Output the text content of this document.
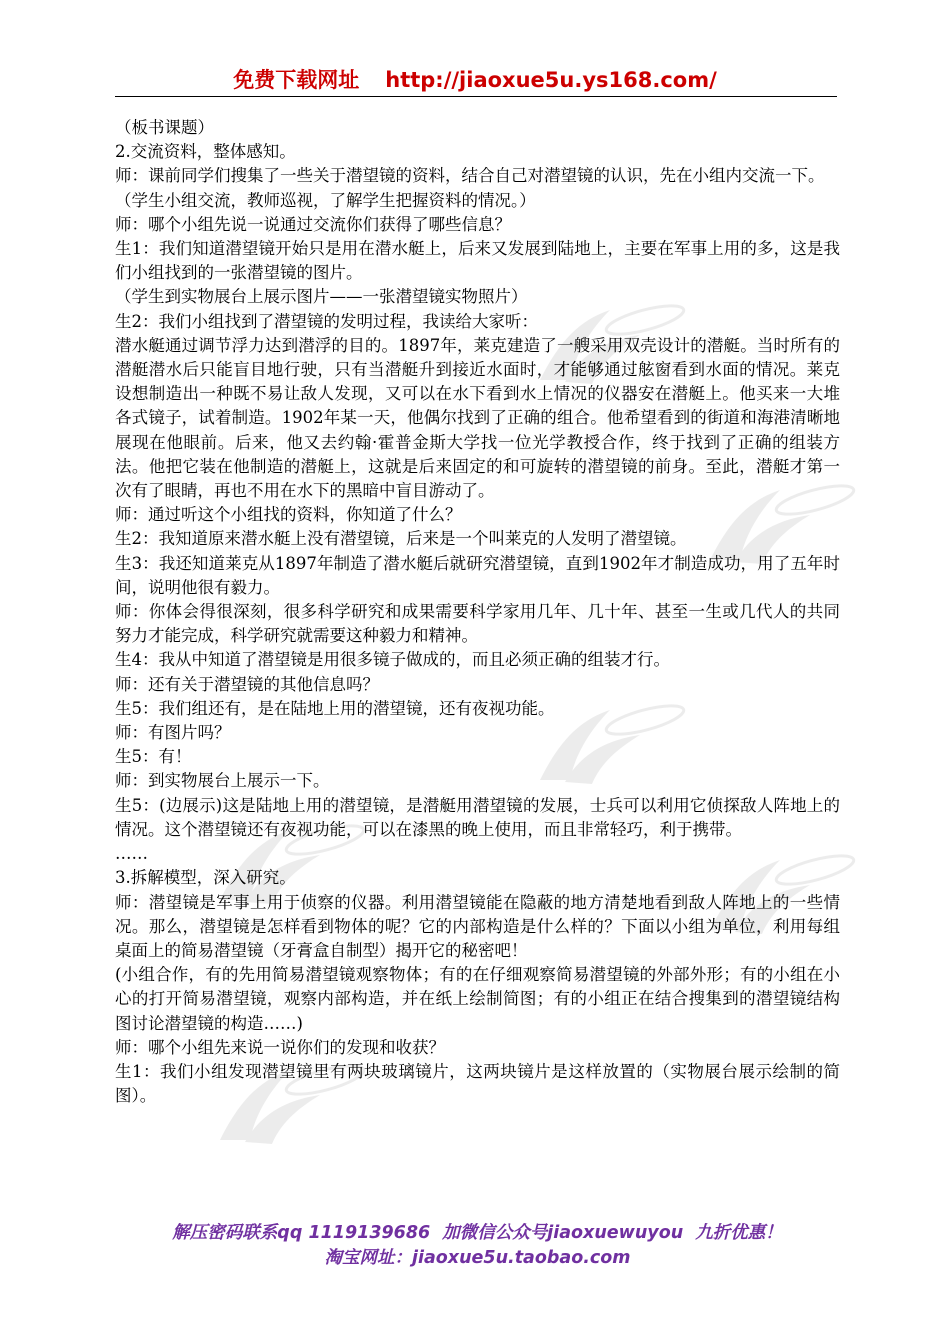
免费下载网址 http://jiaoxue5u.ys168.com/

（板书课题）

2.交流资料，整体感知。

师：课前同学们搜集了一些关于潜望镜的资料，结合自己对潜望镜的认识，先在小组内交流一下。

（学生小组交流，教师巡视，了解学生把握资料的情况。）

师：哪个小组先说一说通过交流你们获得了哪些信息？

生1：我们知道潜望镜开始只是用在潜水艇上，后来又发展到陆地上，主要在军事上用的多，这是我们小组找到的一张潜望镜的图片。

（学生到实物展台上展示图片——一张潜望镜实物照片）

生2：我们小组找到了潜望镜的发明过程，我读给大家听：

潜水艇通过调节浮力达到潜浮的目的。1897年，莱克建造了一艘采用双壳设计的潜艇。当时所有的潜艇潜水后只能盲目地行驶，只有当潜艇升到接近水面时，才能够通过舷窗看到水面的情况。莱克设想制造出一种既不易让敌人发现，又可以在水下看到水上情况的仪器安在潜艇上。他买来一大堆各式镜子，试着制造。1902年某一天，他偶尔找到了正确的组合。他希望看到的街道和海港清晰地展现在他眼前。后来，他又去约翰·霍普金斯大学找一位光学教授合作，终于找到了正确的组装方法。他把它装在他制造的潜艇上，这就是后来固定的和可旋转的潜望镜的前身。至此，潜艇才第一次有了眼睛，再也不用在水下的黑暗中盲目游动了。

师：通过听这个小组找的资料，你知道了什么？

生2：我知道原来潜水艇上没有潜望镜，后来是一个叫莱克的人发明了潜望镜。

生3：我还知道莱克从1897年制造了潜水艇后就研究潜望镜，直到1902年才制造成功，用了五年时间，说明他很有毅力。

师：你体会得很深刻，很多科学研究和成果需要科学家用几年、几十年、甚至一生或几代人的共同努力才能完成，科学研究就需要这种毅力和精神。

生4：我从中知道了潜望镜是用很多镜子做成的，而且必须正确的组装才行。

师：还有关于潜望镜的其他信息吗？

生5：我们组还有，是在陆地上用的潜望镜，还有夜视功能。

师：有图片吗？

生5：有！

师：到实物展台上展示一下。

生5：(边展示)这是陆地上用的潜望镜，是潜艇用潜望镜的发展，士兵可以利用它侦探敌人阵地上的情况。这个潜望镜还有夜视功能，可以在漆黑的晚上使用，而且非常轻巧，利于携带。

……

3.拆解模型，深入研究。

师：潜望镜是军事上用于侦察的仪器。利用潜望镜能在隐蔽的地方清楚地看到敌人阵地上的一些情况。那么，潜望镜是怎样看到物体的呢？它的内部构造是什么样的？下面以小组为单位，利用每组桌面上的简易潜望镜（牙膏盒自制型）揭开它的秘密吧！

(小组合作，有的先用简易潜望镜观察物体；有的在仔细观察简易潜望镜的外部外形；有的小组在小心的打开简易潜望镜，观察内部构造，并在纸上绘制简图；有的小组正在结合搜集到的潜望镜结构图讨论潜望镜的构造……)

师：哪个小组先来说一说你们的发现和收获？

生1：我们小组发现潜望镜里有两块玻璃镜片，这两块镜片是这样放置的（实物展台展示绘制的简图）。

解压密码联系qq 1119139686 加微信公众号jiaoxuewuyou 九折优惠！
淘宝网址：jiaoxue5u.taobao.com
